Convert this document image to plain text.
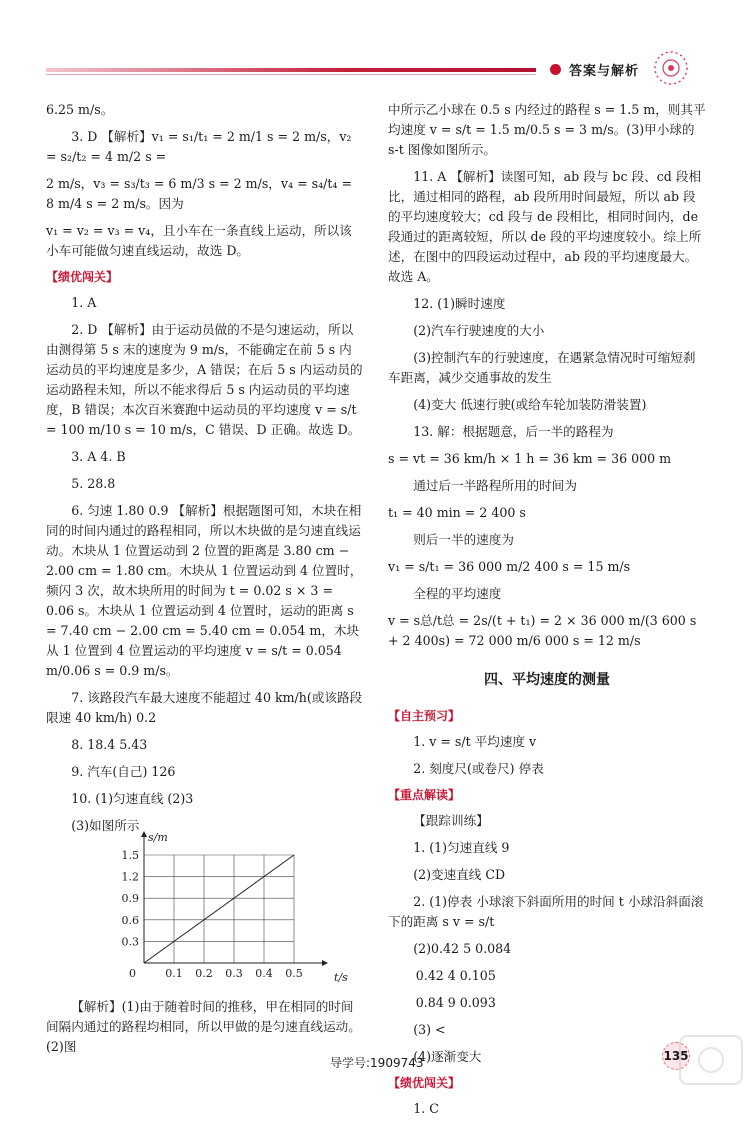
答案与解析

6.25 m/s。

3. D 【解析】v₁ = s₁/t₁ = 2 m/1 s = 2 m/s，v₂ = s₂/t₂ = 4 m/2 s =

2 m/s，v₃ = s₃/t₃ = 6 m/3 s = 2 m/s，v₄ = s₄/t₄ = 8 m/4 s = 2 m/s。因为

v₁ = v₂ = v₃ = v₄，且小车在一条直线上运动，所以该小车可能做匀速直线运动，故选 D。

【绩优闯关】

1. A

2. D 【解析】由于运动员做的不是匀速运动，所以由测得第 5 s 末的速度为 9 m/s，不能确定在前 5 s 内运动员的平均速度是多少，A 错误；在后 5 s 内运动员的运动路程未知，所以不能求得后 5 s 内运动员的平均速度，B 错误；本次百米赛跑中运动员的平均速度 v = s/t = 100 m/10 s = 10 m/s，C 错误、D 正确。故选 D。

3. A 4. B

5. 28.8

6. 匀速 1.80 0.9 【解析】根据题图可知，木块在相同的时间内通过的路程相同，所以木块做的是匀速直线运动。木块从 1 位置运动到 2 位置的距离是 3.80 cm − 2.00 cm = 1.80 cm。木块从 1 位置运动到 4 位置时，频闪 3 次，故木块所用的时间为 t = 0.02 s × 3 = 0.06 s。木块从 1 位置运动到 4 位置时，运动的距离 s = 7.40 cm − 2.00 cm = 5.40 cm = 0.054 m，木块从 1 位置到 4 位置运动的平均速度 v = s/t = 0.054 m/0.06 s = 0.9 m/s。

7. 该路段汽车最大速度不能超过 40 km/h(或该路段限速 40 km/h) 0.2

8. 18.4 5.43

9. 汽车(自己) 126

10. (1)匀速直线 (2)3

(3)如图所示

0.1 0.2 0.3 0.4 0.5
0.3
0.6
0.9
1.2
1.5
0	t/s
s/m

【解析】(1)由于随着时间的推移，甲在相同的时间间隔内通过的路程均相同，所以甲做的是匀速直线运动。(2)图

中所示乙小球在 0.5 s 内经过的路程 s = 1.5 m，则其平均速度 v = s/t = 1.5 m/0.5 s = 3 m/s。(3)甲小球的 s-t 图像如图所示。

11. A 【解析】读图可知，ab 段与 bc 段、cd 段相比，通过相同的路程，ab 段所用时间最短，所以 ab 段的平均速度较大；cd 段与 de 段相比，相同时间内，de 段通过的距离较短，所以 de 段的平均速度较小。综上所述，在图中的四段运动过程中，ab 段的平均速度最大。故选 A。

12. (1)瞬时速度

(2)汽车行驶速度的大小

(3)控制汽车的行驶速度，在遇紧急情况时可缩短刹车距离，减少交通事故的发生

(4)变大 低速行驶(或给车轮加装防滑装置)

13. 解：根据题意，后一半的路程为

s = vt = 36 km/h × 1 h = 36 km = 36 000 m

通过后一半路程所用的时间为

t₁ = 40 min = 2 400 s

则后一半的速度为

v₁ = s/t₁ = 36 000 m/2 400 s = 15 m/s

全程的平均速度

v = s总/t总 = 2s/(t + t₁) = 2 × 36 000 m/(3 600 s + 2 400s) = 72 000 m/6 000 s = 12 m/s

四、平均速度的测量
【自主预习】

1. v = s/t 平均速度 v

2. 刻度尺(或卷尺) 停表

【重点解读】

【跟踪训练】

1. (1)匀速直线 9

(2)变速直线 CD

2. (1)停表 小球滚下斜面所用的时间 t 小球沿斜面滚下的距离 s v = s/t

(2)0.42 5 0.084

0.42 4 0.105

0.84 9 0.093

(3) <

(4)逐渐变大

【绩优闯关】

1. C

导学号:1909743	135
